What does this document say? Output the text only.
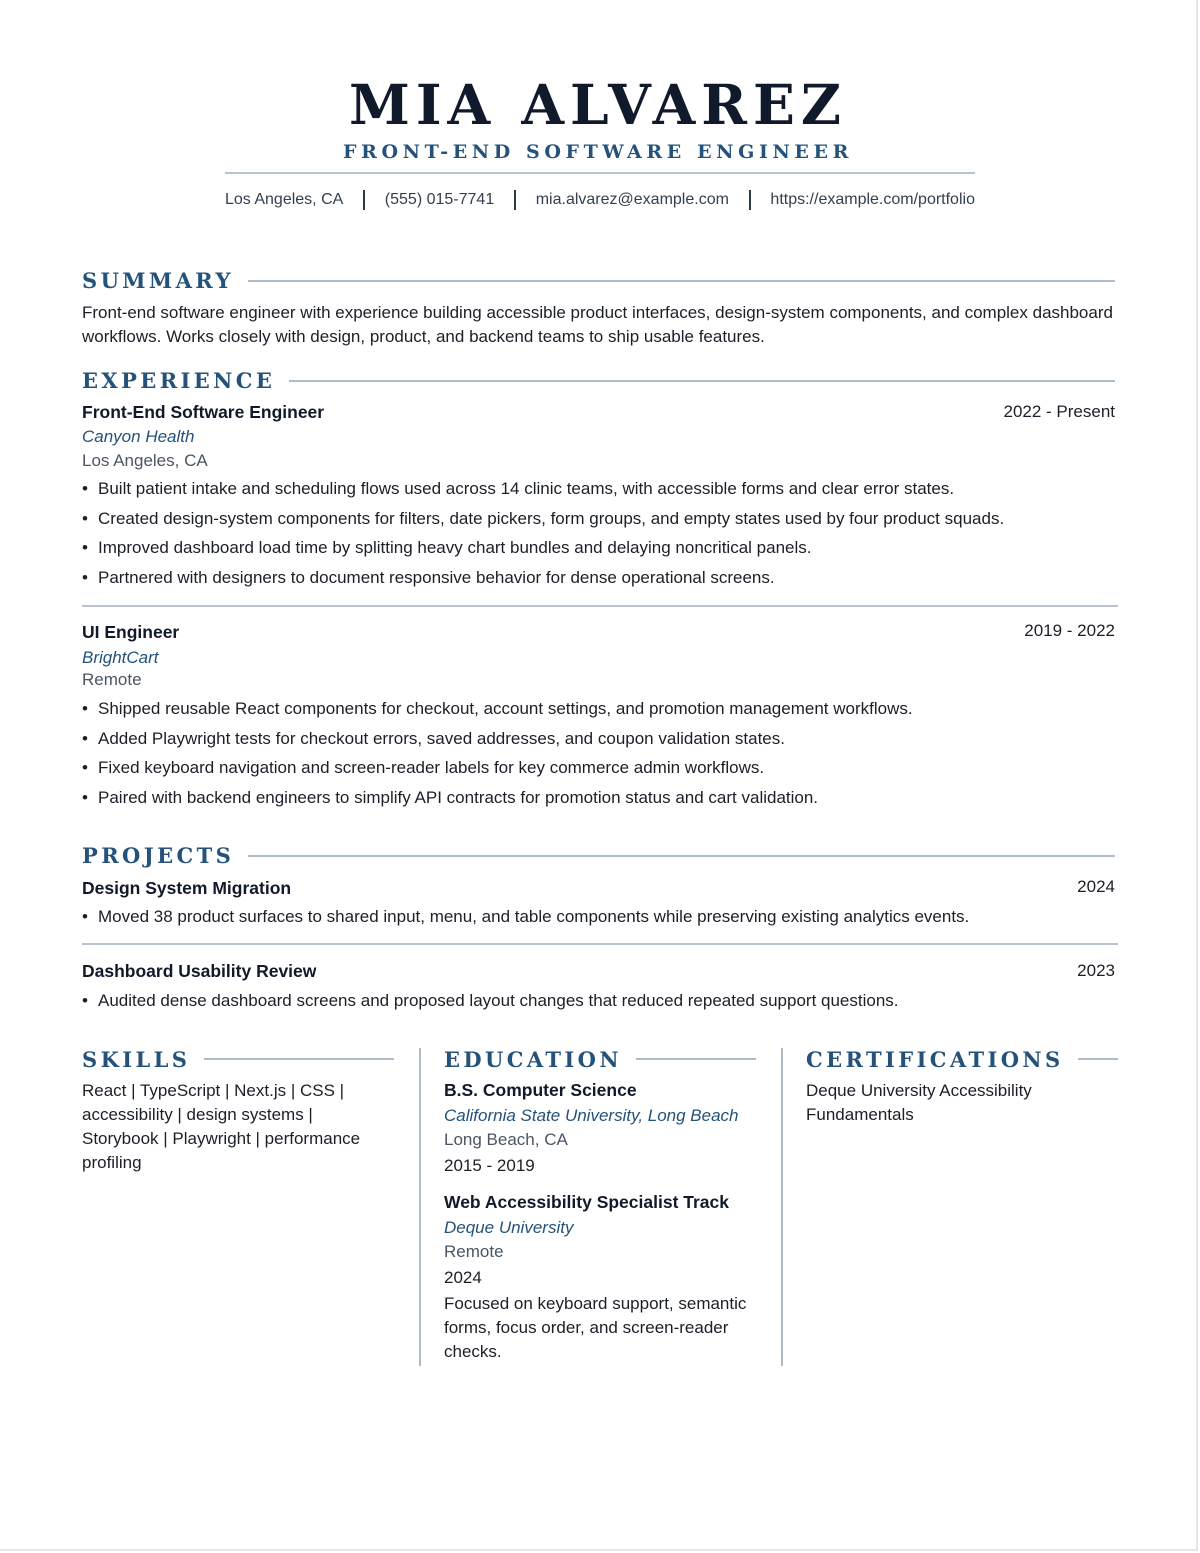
MIA ALVAREZ
FRONT-END SOFTWARE ENGINEER
Los Angeles, CA	(555) 015-7741	mia.alvarez@example.com	https://example.com/portfolio
SUMMARY
Front-end software engineer with experience building accessible product interfaces, design-system components, and complex dashboard workflows. Works closely with design, product, and backend teams to ship usable features.
EXPERIENCE
Front-End Software Engineer	2022 - Present
Canyon Health
Los Angeles, CA
• Built patient intake and scheduling flows used across 14 clinic teams, with accessible forms and clear error states.
• Created design-system components for filters, date pickers, form groups, and empty states used by four product squads.
• Improved dashboard load time by splitting heavy chart bundles and delaying noncritical panels.
• Partnered with designers to document responsive behavior for dense operational screens.
UI Engineer	2019 - 2022
BrightCart
Remote
• Shipped reusable React components for checkout, account settings, and promotion management workflows.
• Added Playwright tests for checkout errors, saved addresses, and coupon validation states.
• Fixed keyboard navigation and screen-reader labels for key commerce admin workflows.
• Paired with backend engineers to simplify API contracts for promotion status and cart validation.
PROJECTS
Design System Migration	2024
• Moved 38 product surfaces to shared input, menu, and table components while preserving existing analytics events.
Dashboard Usability Review	2023
• Audited dense dashboard screens and proposed layout changes that reduced repeated support questions.
SKILLS
React | TypeScript | Next.js | CSS | accessibility | design systems | Storybook | Playwright | performance profiling
EDUCATION
B.S. Computer Science
California State University, Long Beach
Long Beach, CA
2015 - 2019
Web Accessibility Specialist Track
Deque University
Remote
2024
Focused on keyboard support, semantic forms, focus order, and screen-reader checks.
CERTIFICATIONS
Deque University Accessibility Fundamentals
